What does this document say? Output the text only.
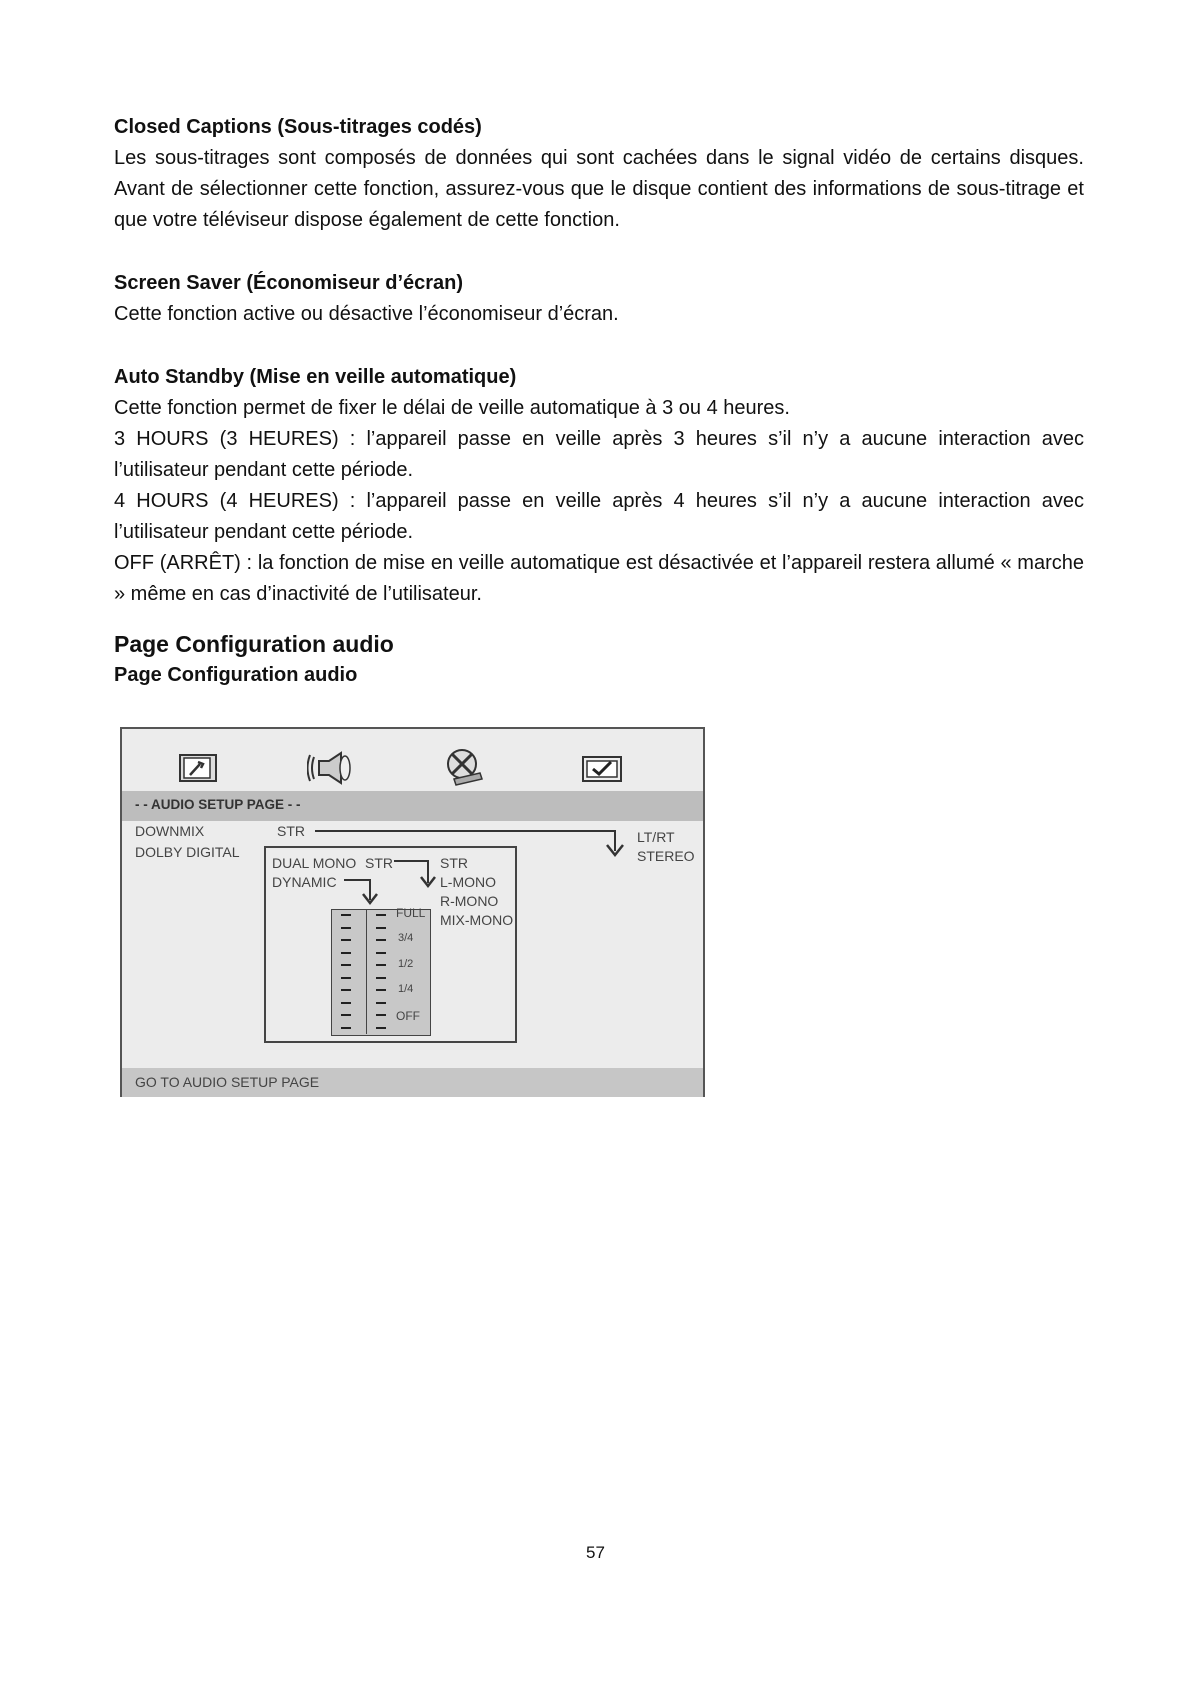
Closed Captions (Sous-titrages codés)

Les sous-titrages sont composés de données qui sont cachées dans le signal vidéo de certains disques. Avant de sélectionner cette fonction, assurez-vous que le disque contient des informations de sous-titrage et que votre téléviseur dispose également de cette fonction.

Screen Saver (Économiseur d’écran)

Cette fonction active ou désactive l’économiseur d’écran.

Auto Standby (Mise en veille automatique)

Cette fonction permet de fixer le délai de veille automatique à 3 ou 4 heures.

3 HOURS (3 HEURES) : l’appareil passe en veille après 3 heures s’il n’y a aucune interaction avec l’utilisateur pendant cette période.

4 HOURS (4 HEURES) : l’appareil passe en veille après 4 heures s’il n’y a aucune interaction avec l’utilisateur pendant cette période.

OFF (ARRÊT) : la fonction de mise en veille automatique est désactivée et l’appareil restera allumé « marche » même en cas d’inactivité de l’utilisateur.

Page Configuration audio

Page Configuration audio

- - AUDIO SETUP PAGE - -
DOWNMIX
DOLBY DIGITAL
STR	LT/RT
STEREO
DUAL MONO STR
DYNAMIC
STR
L-MONO
R-MONO
MIX-MONO
FULL
3/4
1/2
1/4
OFF
GO TO AUDIO SETUP PAGE
57
